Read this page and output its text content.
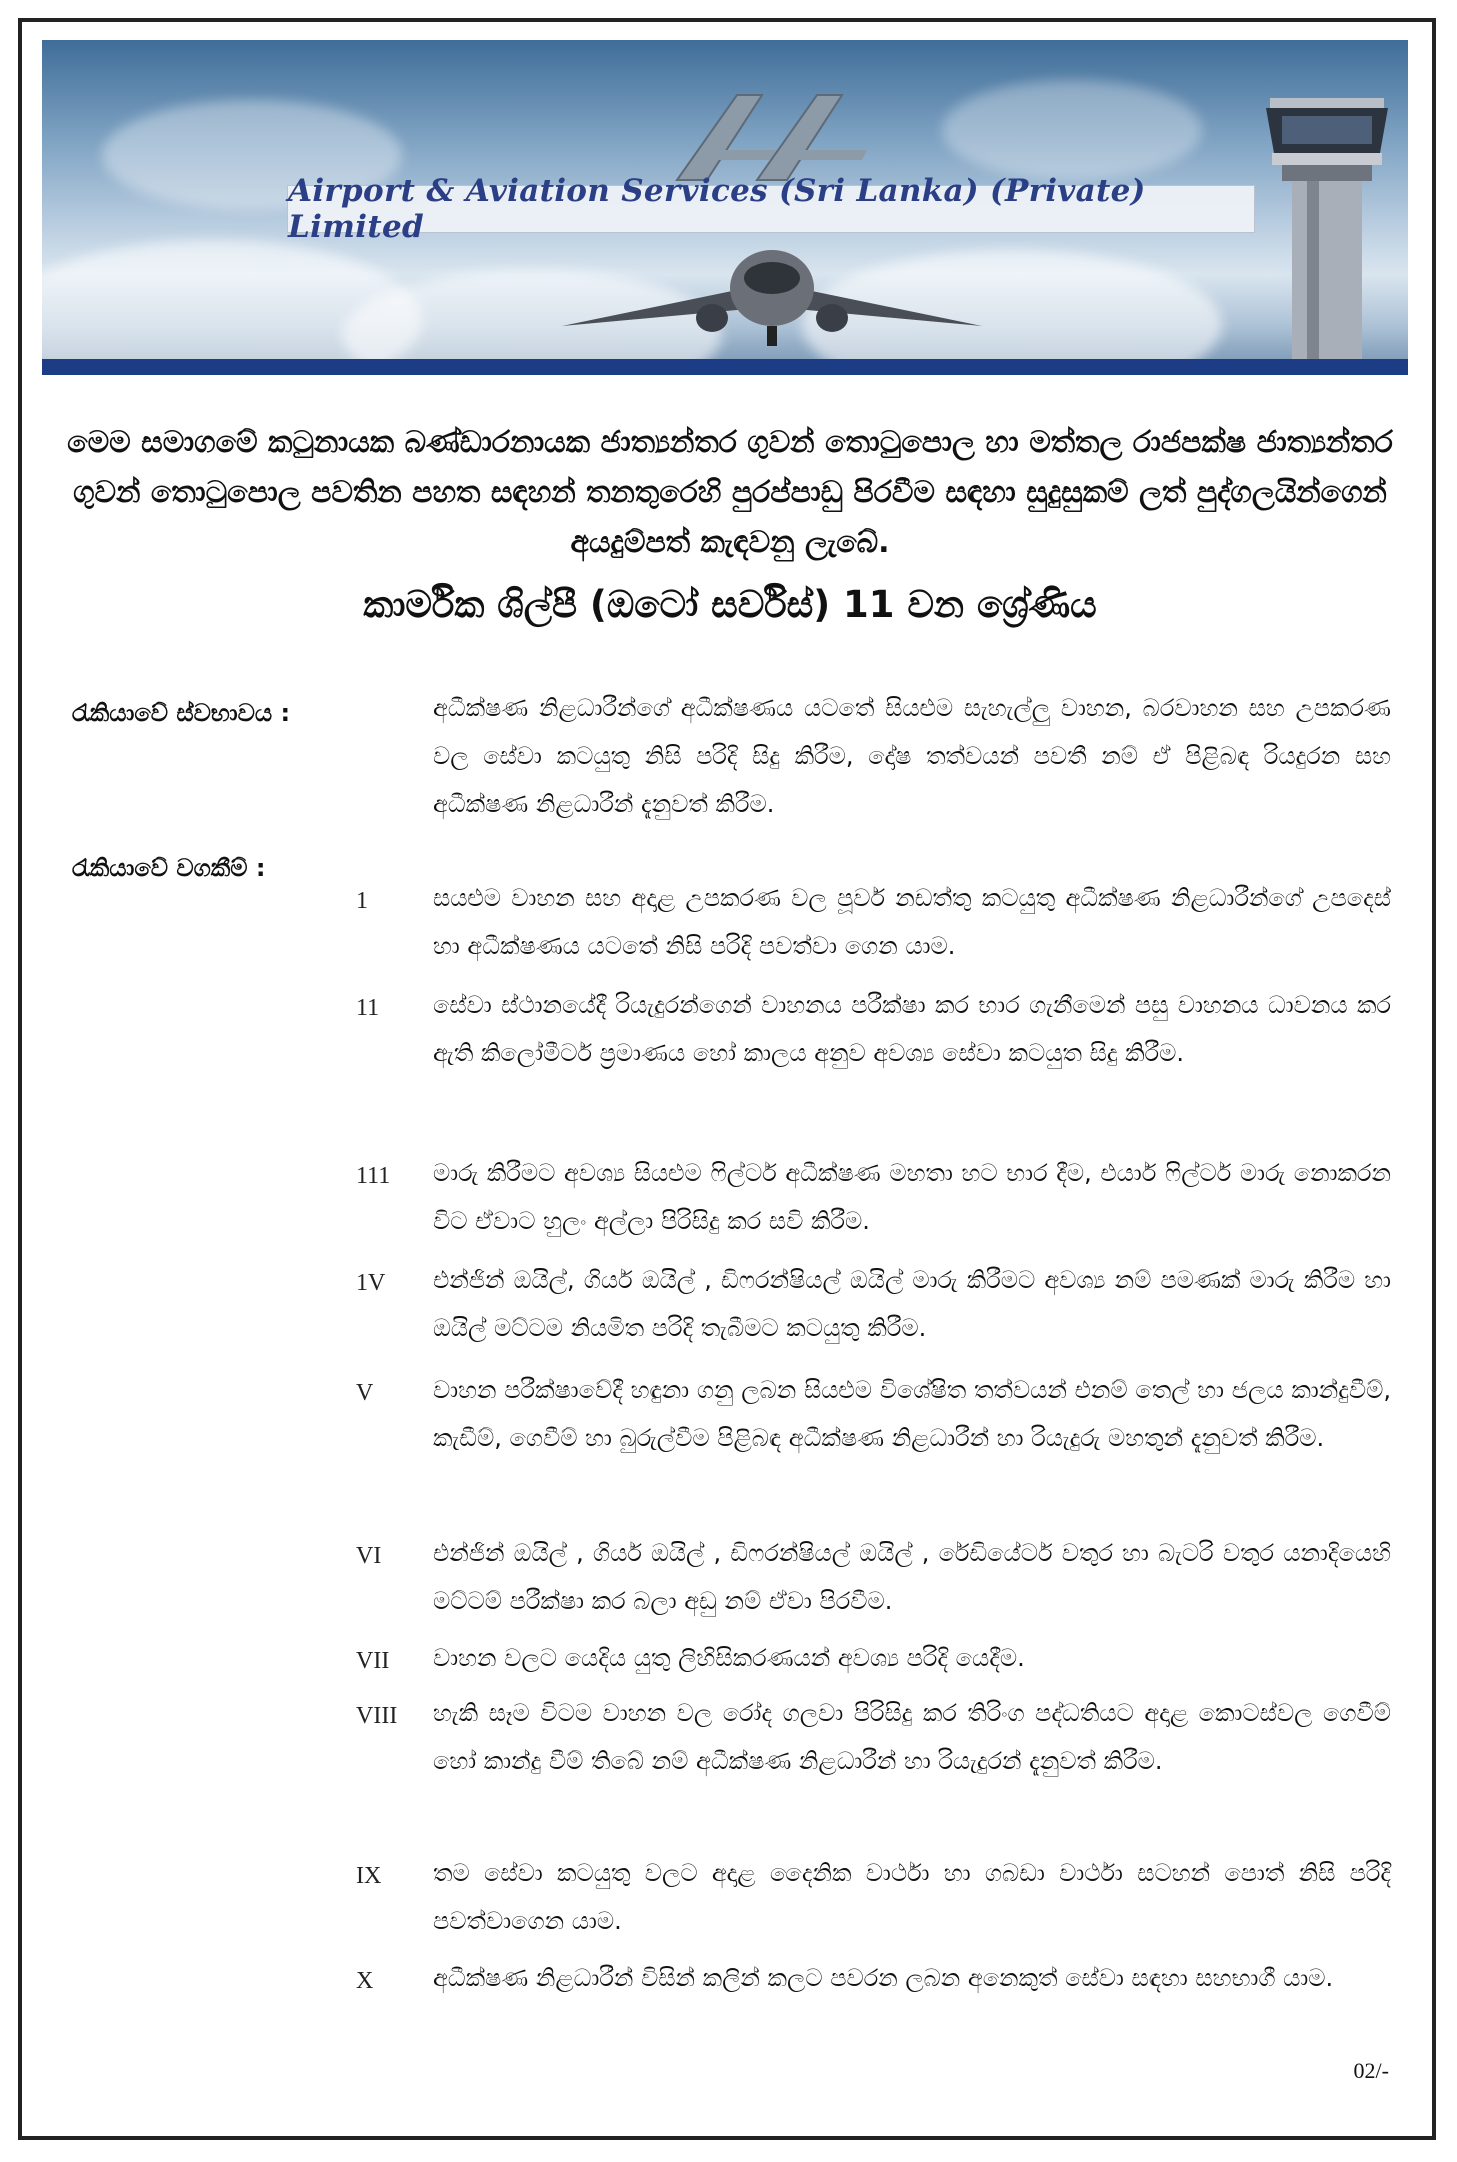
Airport & Aviation Services (Sri Lanka) (Private) Limited
මෙම සමාගමේ කටුනායක බණ්ඩාරනායක ජාත්‍යන්තර ගුවන් තොටුපොල හා මත්තල රාජපක්ෂ ජාත්‍යන්තර ගුවන් තොටුපොල පවතින පහත සඳහන් තනතුරෙහි පුරප්පාඩු පිරවීම සඳහා සුදුසුකම් ලත් පුද්ගලයින්ගෙන් අයදුම්පත් කැඳවනු ලැබේ.
කාර්මික ශිල්පී (ඔටෝ සර්විස්) 11 වන ශ්‍රේණිය
රැකියාවේ ස්වභාවය :	අධීක්ෂණ නිළධාරීන්ගේ අධීක්ෂණය යටතේ සියළුම සැහැල්ලු වාහන, බරවාහන සහ උපකරණ වල සේවා කටයුතු නිසි පරිදි සිදු කිරීම, දෝෂ තත්වයන් පවතී නම් ඒ පිළිබඳ රියදුරන සහ අධීක්ෂණ නිළධාරීන් දැනුවත් කිරීම.
රැකියාවේ වගකීම් :
1	සයළුම වාහන සහ අදාළ උපකරණ වල පූර්ව නඩත්තු කටයුතු අධීක්ෂණ නිළධාරීන්ගේ උපදෙස් හා අධීක්ෂණය යටතේ නිසි පරිදි පවත්වා ගෙන යාම.
11 සේවා ස්ථානයේදී රියැදුරන්ගෙන් වාහනය පරීක්ෂා කර භාර ගැනීමෙන් පසු වාහනය ධාවනය කර ඇති කිලෝමීටර් ප්‍රමාණය හෝ කාලය අනුව අවශ්‍ය සේවා කටයුත සිදු කිරීම.
111 මාරු කිරීමට අවශ්‍ය සියළුම ෆිල්ටර් අධීක්ෂණ මහතා හට භාර දීම, එයාර් ෆිල්ටර් මාරු නොකරන විට ඒවාට හුලං අල්ලා පිරිසිදු කර සවි කිරීම.
1V එන්ජින් ඔයිල්, ගියර් ඔයිල් , ඩිෆරන්ෂියල් ඔයිල් මාරු කිරීමට අවශ්‍ය නම් පමණක් මාරු කිරීම හා ඔයිල් මට්ටම නියමිත පරිදි තැබීමට කටයුතු කිරීම.
V වාහන පරීක්ෂාවේදී හඳුනා ගනු ලබන සියළුම විශේෂිත තත්වයන් එනම් තෙල් හා ජලය කාන්දුවීම්, කැඩීම්, ගෙවීම් හා බුරුල්වීම පිළිබඳ අධීක්ෂණ නිළධාරීන් හා රියැදුරු මහතුන් දැනුවත් කිරීම.
VI එන්ජින් ඔයිල් , ගියර් ඔයිල් , ඩිෆරන්ෂියල් ඔයිල් , රේඩියේටර් වතුර හා බැටරි වතුර යනාදියෙහි මට්ටම් පරීක්ෂා කර බලා අඩු නම් ඒවා පිරවීම.
VII වාහන වලට යෙදිය යුතු ලිහිසිකරණයන් අවශ්‍ය පරිදි යෙදීම.
VIII හැකි සෑම විටම වාහන වල රෝද ගලවා පිරිසිදු කර තිරිංග පද්ධතියට අදාළ කොටස්වල ගෙවීම් හෝ කාන්දු වීම් තිබේ නම් අධීක්ෂණ නිළධාරීන් හා රියැදුරන් දැනුවත් කිරීම.
IX තම සේවා කටයුතු වලට අදාළ දෛනික වාර්ථා හා ගබඩා වාර්ථා සටහන් පොත් නිසි පරිදි පවත්වාගෙන යාම.
X අධීක්ෂණ නිළධාරීන් විසින් කලින් කලට පවරන ලබන අනෙකුත් සේවා සඳහා සහභාගී යාම.
02/-
